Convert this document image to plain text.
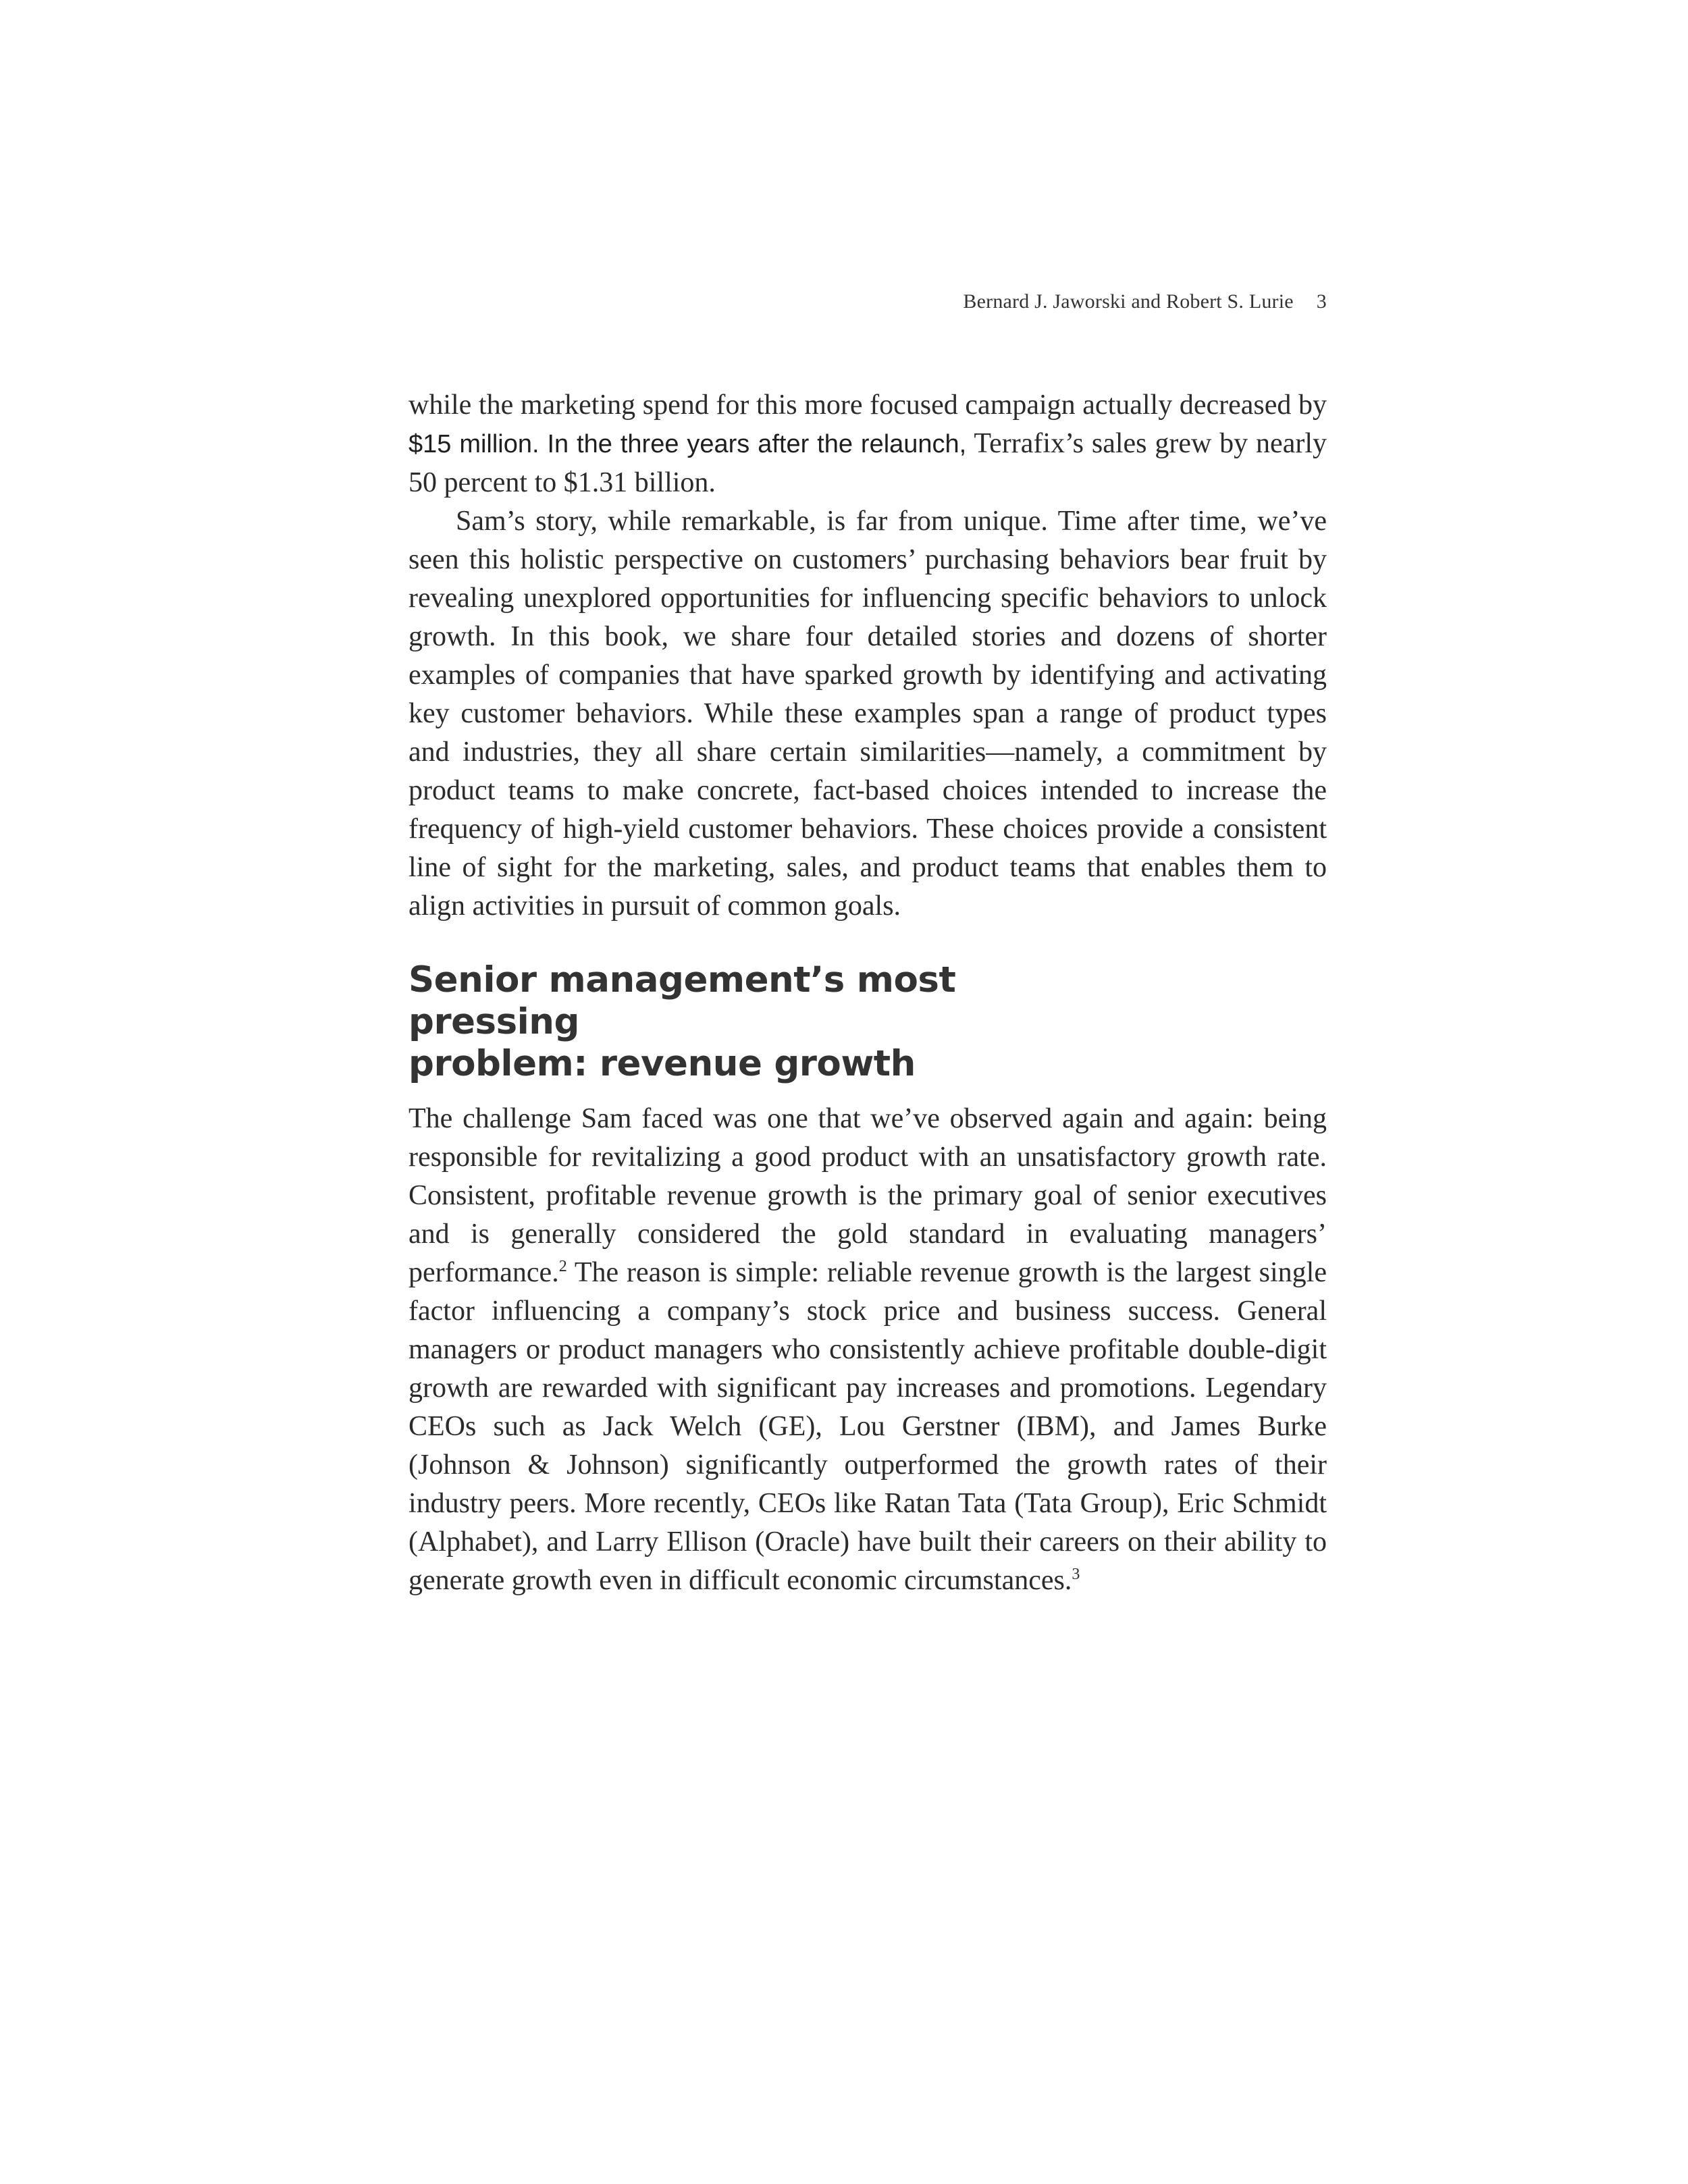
Bernard J. Jaworski and Robert S. Lurie 3

while the marketing spend for this more focused campaign actually decreased by $15 million. In the three years after the relaunch, Terrafix’s sales grew by nearly 50 percent to $1.31 billion.

Sam’s story, while remarkable, is far from unique. Time after time, we’ve seen this holistic perspective on customers’ purchasing behaviors bear fruit by revealing unexplored opportunities for influencing specific behaviors to unlock growth. In this book, we share four detailed stories and dozens of shorter examples of companies that have sparked growth by identifying and activating key customer behaviors. While these examples span a range of product types and industries, they all share certain similarities—namely, a commitment by product teams to make concrete, fact-based choices intended to increase the frequency of high-yield customer behaviors. These choices provide a consistent line of sight for the marketing, sales, and product teams that enables them to align activities in pursuit of common goals.

Senior management’s most pressing
problem: revenue growth

The challenge Sam faced was one that we’ve observed again and again: being responsible for revitalizing a good product with an unsatisfactory growth rate. Consistent, profitable revenue growth is the primary goal of senior executives and is generally considered the gold standard in evaluating managers’ performance.$^2$ The reason is simple: reliable revenue growth is the largest single factor influencing a company’s stock price and business success. General managers or product managers who consistently achieve profitable double-digit growth are rewarded with significant pay increases and promotions. Legendary CEOs such as Jack Welch (GE), Lou Gerstner (IBM), and James Burke (Johnson & Johnson) significantly outperformed the growth rates of their industry peers. More recently, CEOs like Ratan Tata (Tata Group), Eric Schmidt (Alphabet), and Larry Ellison (Oracle) have built their careers on their ability to generate growth even in difficult economic circumstances.$^3$
